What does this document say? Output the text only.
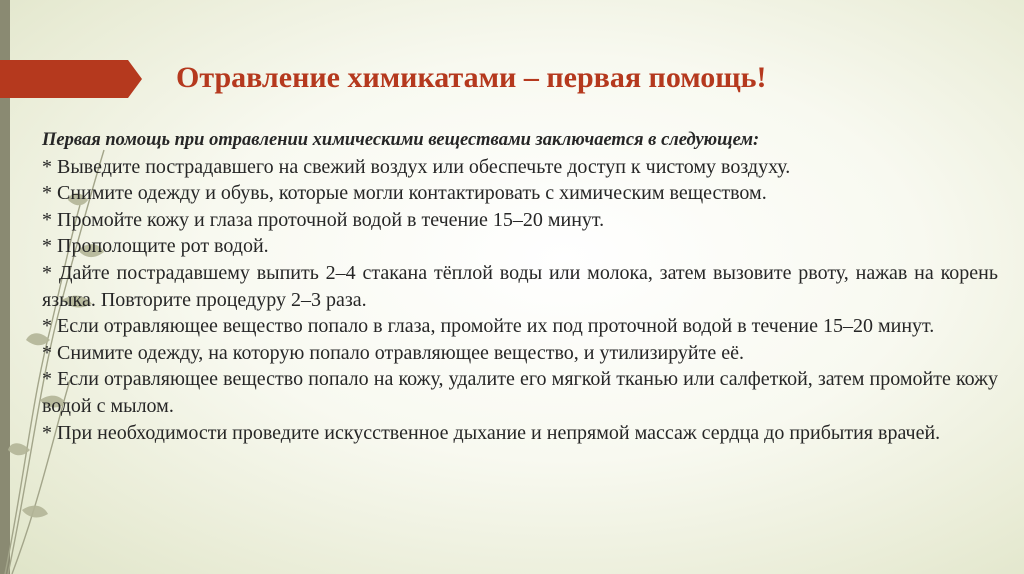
Отравление химикатами – первая помощь!

Первая помощь при отравлении химическими веществами заключается в следующем:

* Выведите пострадавшего на свежий воздух или обеспечьте доступ к чистому воздуху.
* Снимите одежду и обувь, которые могли контактировать с химическим веществом.
* Промойте кожу и глаза проточной водой в течение 15–20 минут.
* Прополощите рот водой.
* Дайте пострадавшему выпить 2–4 стакана тёплой воды или молока, затем вызовите рвоту, нажав на корень языка. Повторите процедуру 2–3 раза.
* Если отравляющее вещество попало в глаза, промойте их под проточной водой в течение 15–20 минут.
* Снимите одежду, на которую попало отравляющее вещество, и утилизируйте её.
* Если отравляющее вещество попало на кожу, удалите его мягкой тканью или салфеткой, затем промойте кожу водой с мылом.
* При необходимости проведите искусственное дыхание и непрямой массаж сердца до прибытия врачей.
